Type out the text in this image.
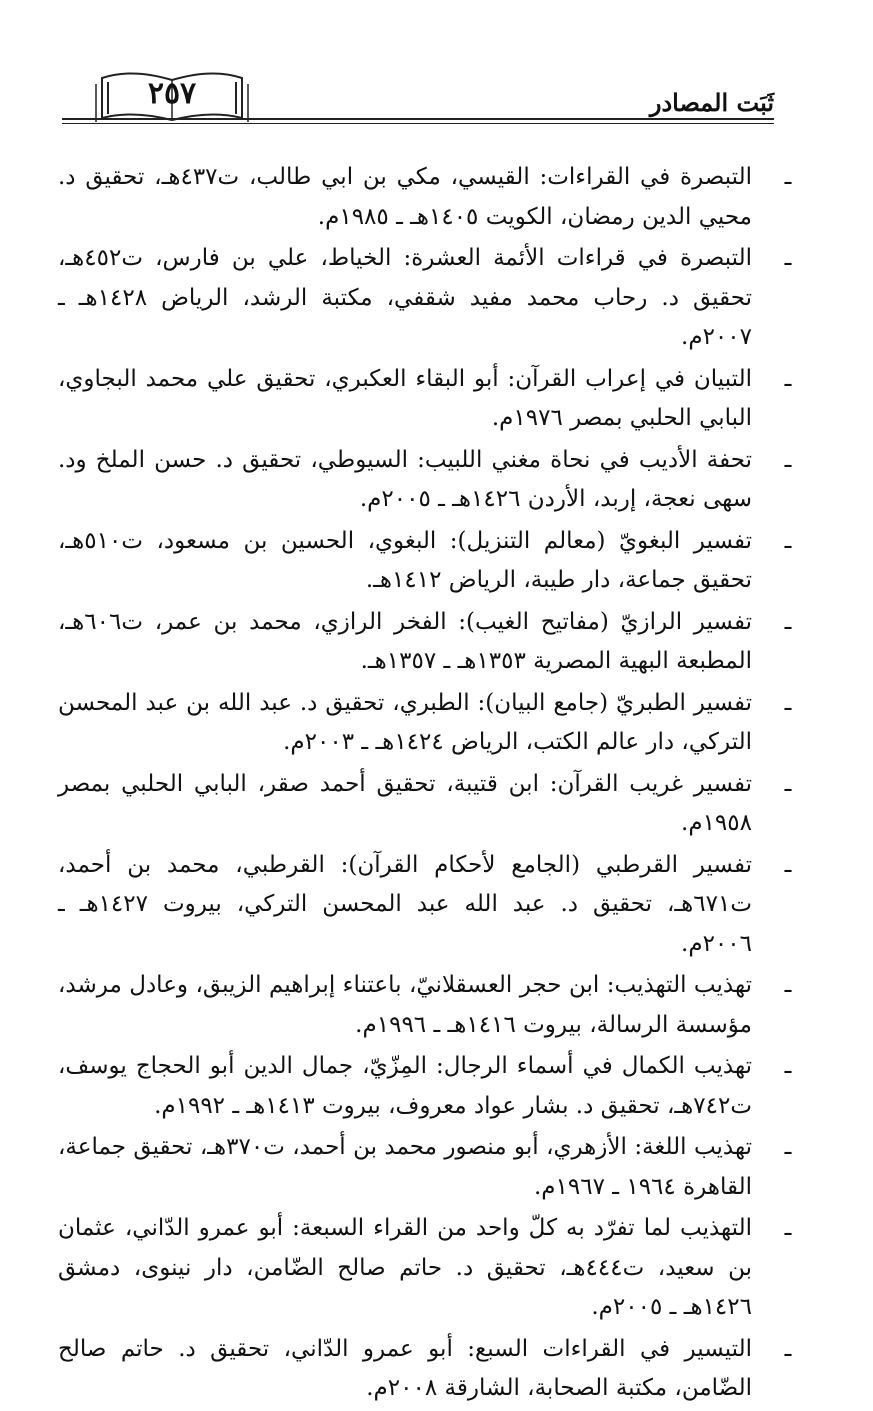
٢٥٧	ثَبَت المصادر
ـ
التبصرة في القراءات: القيسي، مكي بن ابي طالب، ت٤٣٧هـ، تحقيق د. محيي الدين رمضان، الكويت ١٤٠٥هـ ـ ١٩٨٥م.
ـ
التبصرة في قراءات الأئمة العشرة: الخياط، علي بن فارس، ت٤٥٢هـ، تحقيق د. رحاب محمد مفيد شقفي، مكتبة الرشد، الرياض ١٤٢٨هـ ـ ٢٠٠٧م.
ـ
التبيان في إعراب القرآن: أبو البقاء العكبري، تحقيق علي محمد البجاوي، البابي الحلبي بمصر ١٩٧٦م.
ـ
تحفة الأديب في نحاة مغني اللبيب: السيوطي، تحقيق د. حسن الملخ ود. سهى نعجة، إربد، الأردن ١٤٢٦هـ ـ ٢٠٠٥م.
ـ
تفسير البغويّ (معالم التنزيل): البغوي، الحسين بن مسعود، ت٥١٠هـ، تحقيق جماعة، دار طيبة، الرياض ١٤١٢هـ.
ـ
تفسير الرازيّ (مفاتيح الغيب): الفخر الرازي، محمد بن عمر، ت٦٠٦هـ، المطبعة البهية المصرية ١٣٥٣هـ ـ ١٣٥٧هـ.
ـ
تفسير الطبريّ (جامع البيان): الطبري، تحقيق د. عبد الله بن عبد المحسن التركي، دار عالم الكتب، الرياض ١٤٢٤هـ ـ ٢٠٠٣م.
ـ
تفسير غريب القرآن: ابن قتيبة، تحقيق أحمد صقر، البابي الحلبي بمصر ١٩٥٨م.
ـ
تفسير القرطبي (الجامع لأحكام القرآن): القرطبي، محمد بن أحمد، ت٦٧١هـ، تحقيق د. عبد الله عبد المحسن التركي، بيروت ١٤٢٧هـ ـ ٢٠٠٦م.
ـ
تهذيب التهذيب: ابن حجر العسقلانيّ، باعتناء إبراهيم الزيبق، وعادل مرشد، مؤسسة الرسالة، بيروت ١٤١٦هـ ـ ١٩٩٦م.
ـ
تهذيب الكمال في أسماء الرجال: المِزّيّ، جمال الدين أبو الحجاج يوسف، ت٧٤٢هـ، تحقيق د. بشار عواد معروف، بيروت ١٤١٣هـ ـ ١٩٩٢م.
ـ
تهذيب اللغة: الأزهري، أبو منصور محمد بن أحمد، ت٣٧٠هـ، تحقيق جماعة، القاهرة ١٩٦٤ ـ ١٩٦٧م.
ـ
التهذيب لما تفرّد به كلّ واحد من القراء السبعة: أبو عمرو الدّاني، عثمان بن سعيد، ت٤٤٤هـ، تحقيق د. حاتم صالح الضّامن، دار نينوى، دمشق ١٤٢٦هـ ـ ٢٠٠٥م.
ـ
التيسير في القراءات السبع: أبو عمرو الدّاني، تحقيق د. حاتم صالح الضّامن، مكتبة الصحابة، الشارقة ٢٠٠٨م.
